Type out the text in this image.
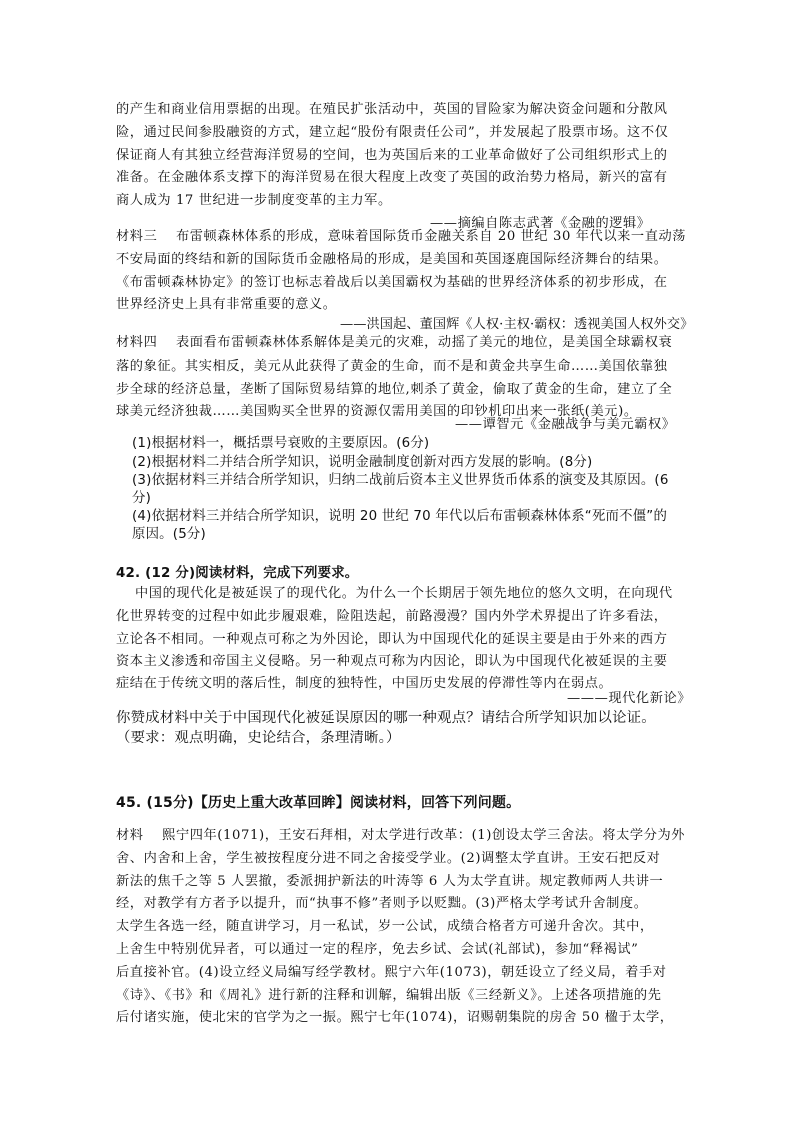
的产生和商业信用票据的出现。在殖民扩张活动中，英国的冒险家为解决资金问题和分散风
险，通过民间参股融资的方式，建立起“股份有限责任公司”，并发展起了股票市场。这不仅
保证商人有其独立经营海洋贸易的空间，也为英国后来的工业革命做好了公司组织形式上的
准备。在金融体系支撑下的海洋贸易在很大程度上改变了英国的政治势力格局，新兴的富有
商人成为 17 世纪进一步制度变革的主力军。
——摘编自陈志武著《金融的逻辑》
材料三　 布雷顿森林体系的形成，意味着国际货币金融关系自 20 世纪 30 年代以来一直动荡
不安局面的终结和新的国际货币金融格局的形成，是美国和英国逐鹿国际经济舞台的结果。
《布雷顿森林协定》的签订也标志着战后以美国霸权为基础的世界经济体系的初步形成，在
世界经济史上具有非常重要的意义。
——洪国起、董国辉《人权·主权·霸权：透视美国人权外交》
材料四　 表面看布雷顿森林体系解体是美元的灾难，动摇了美元的地位，是美国全球霸权衰
落的象征。其实相反，美元从此获得了黄金的生命，而不是和黄金共享生命……美国依靠独
步全球的经济总量，垄断了国际贸易结算的地位,刺杀了黄金，偷取了黄金的生命，建立了全
球美元经济独裁……美国购买全世界的资源仅需用美国的印钞机印出来一张纸(美元)。
——谭智元《金融战争与美元霸权》
(1)根据材料一，概括票号衰败的主要原因。(6分)
(2)根据材料二并结合所学知识，说明金融制度创新对西方发展的影响。(8分)
(3)依据材料三并结合所学知识，归纳二战前后资本主义世界货币体系的演变及其原因。(6
分)
(4)依据材料三并结合所学知识，说明 20 世纪 70 年代以后布雷顿森林体系“死而不僵”的
原因。(5分)
42. (12 分)阅读材料，完成下列要求。
中国的现代化是被延误了的现代化。为什么一个长期居于领先地位的悠久文明，在向现代
化世界转变的过程中如此步履艰难，险阻迭起，前路漫漫？国内外学术界提出了许多看法，
立论各不相同。一种观点可称之为外因论，即认为中国现代化的延误主要是由于外来的西方
资本主义渗透和帝国主义侵略。另一种观点可称为内因论，即认为中国现代化被延误的主要
症结在于传统文明的落后性，制度的独特性，中国历史发展的停滞性等内在弱点。
———现代化新论》
你赞成材料中关于中国现代化被延误原因的哪一种观点？请结合所学知识加以论证。
（要求：观点明确，史论结合，条理清晰。）
45. (15分)【历史上重大改革回眸】阅读材料，回答下列问题。
材料　 熙宁四年(1071)，王安石拜相，对太学进行改革：(1)创设太学三舍法。将太学分为外
舍、内舍和上舍，学生被按程度分进不同之舍接受学业。(2)调整太学直讲。王安石把反对
新法的焦千之等 5 人罢撤，委派拥护新法的叶涛等 6 人为太学直讲。规定教师两人共讲一
经，对教学有方者予以提升，而“执事不修”者则予以贬黜。(3)严格太学考试升舍制度。
太学生各选一经，随直讲学习，月一私试，岁一公试，成绩合格者方可递升舍次。其中，
上舍生中特别优异者，可以通过一定的程序，免去乡试、会试(礼部试)，参加“释褐试”
后直接补官。(4)设立经义局编写经学教材。熙宁六年(1073)，朝廷设立了经义局，着手对
《诗》、《书》和《周礼》进行新的注释和训解，编辑出版《三经新义》。上述各项措施的先
后付诸实施，使北宋的官学为之一振。熙宁七年(1074)，诏赐朝集院的房舍 50 楹于太学，
